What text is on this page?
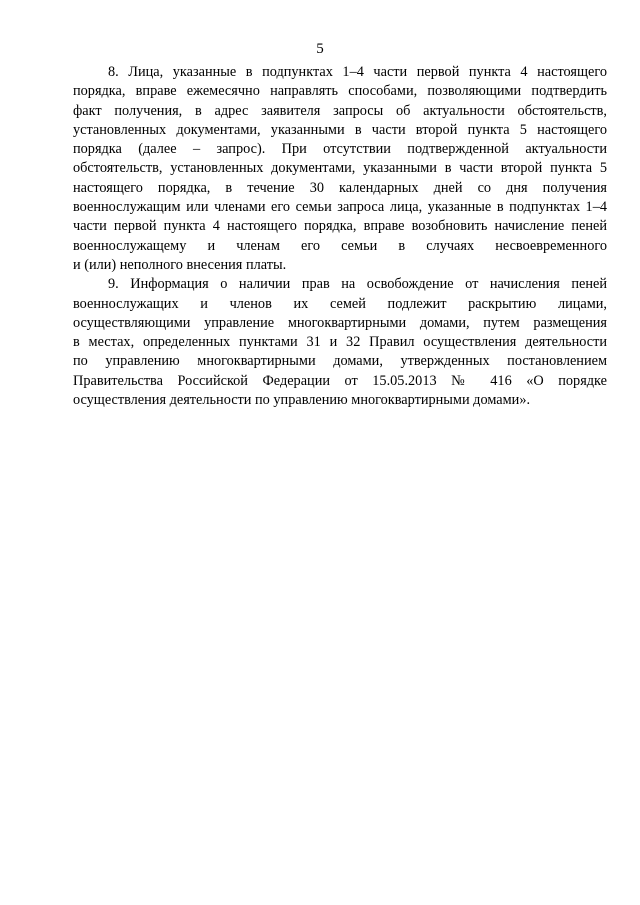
5
8. Лица, указанные в подпунктах 1–4 части первой пункта 4 настоящего
порядка, вправе ежемесячно направлять способами, позволяющими подтвердить
факт получения, в адрес заявителя запросы об актуальности обстоятельств,
установленных документами, указанными в части второй пункта 5 настоящего
порядка (далее – запрос). При отсутствии подтвержденной актуальности
обстоятельств, установленных документами, указанными в части второй пункта 5
настоящего порядка, в течение 30 календарных дней со дня получения
военнослужащим или членами его семьи запроса лица, указанные в подпунктах 1–4
части первой пункта 4 настоящего порядка, вправе возобновить начисление пеней
военнослужащему и членам его семьи в случаях несвоевременного
и (или) неполного внесения платы.
9. Информация о наличии прав на освобождение от начисления пеней
военнослужащих и членов их семей подлежит раскрытию лицами,
осуществляющими управление многоквартирными домами, путем размещения
в местах, определенных пунктами 31 и 32 Правил осуществления деятельности
по управлению многоквартирными домами, утвержденных постановлением
Правительства Российской Федерации от 15.05.2013 № 416 «О порядке
осуществления деятельности по управлению многоквартирными домами».
